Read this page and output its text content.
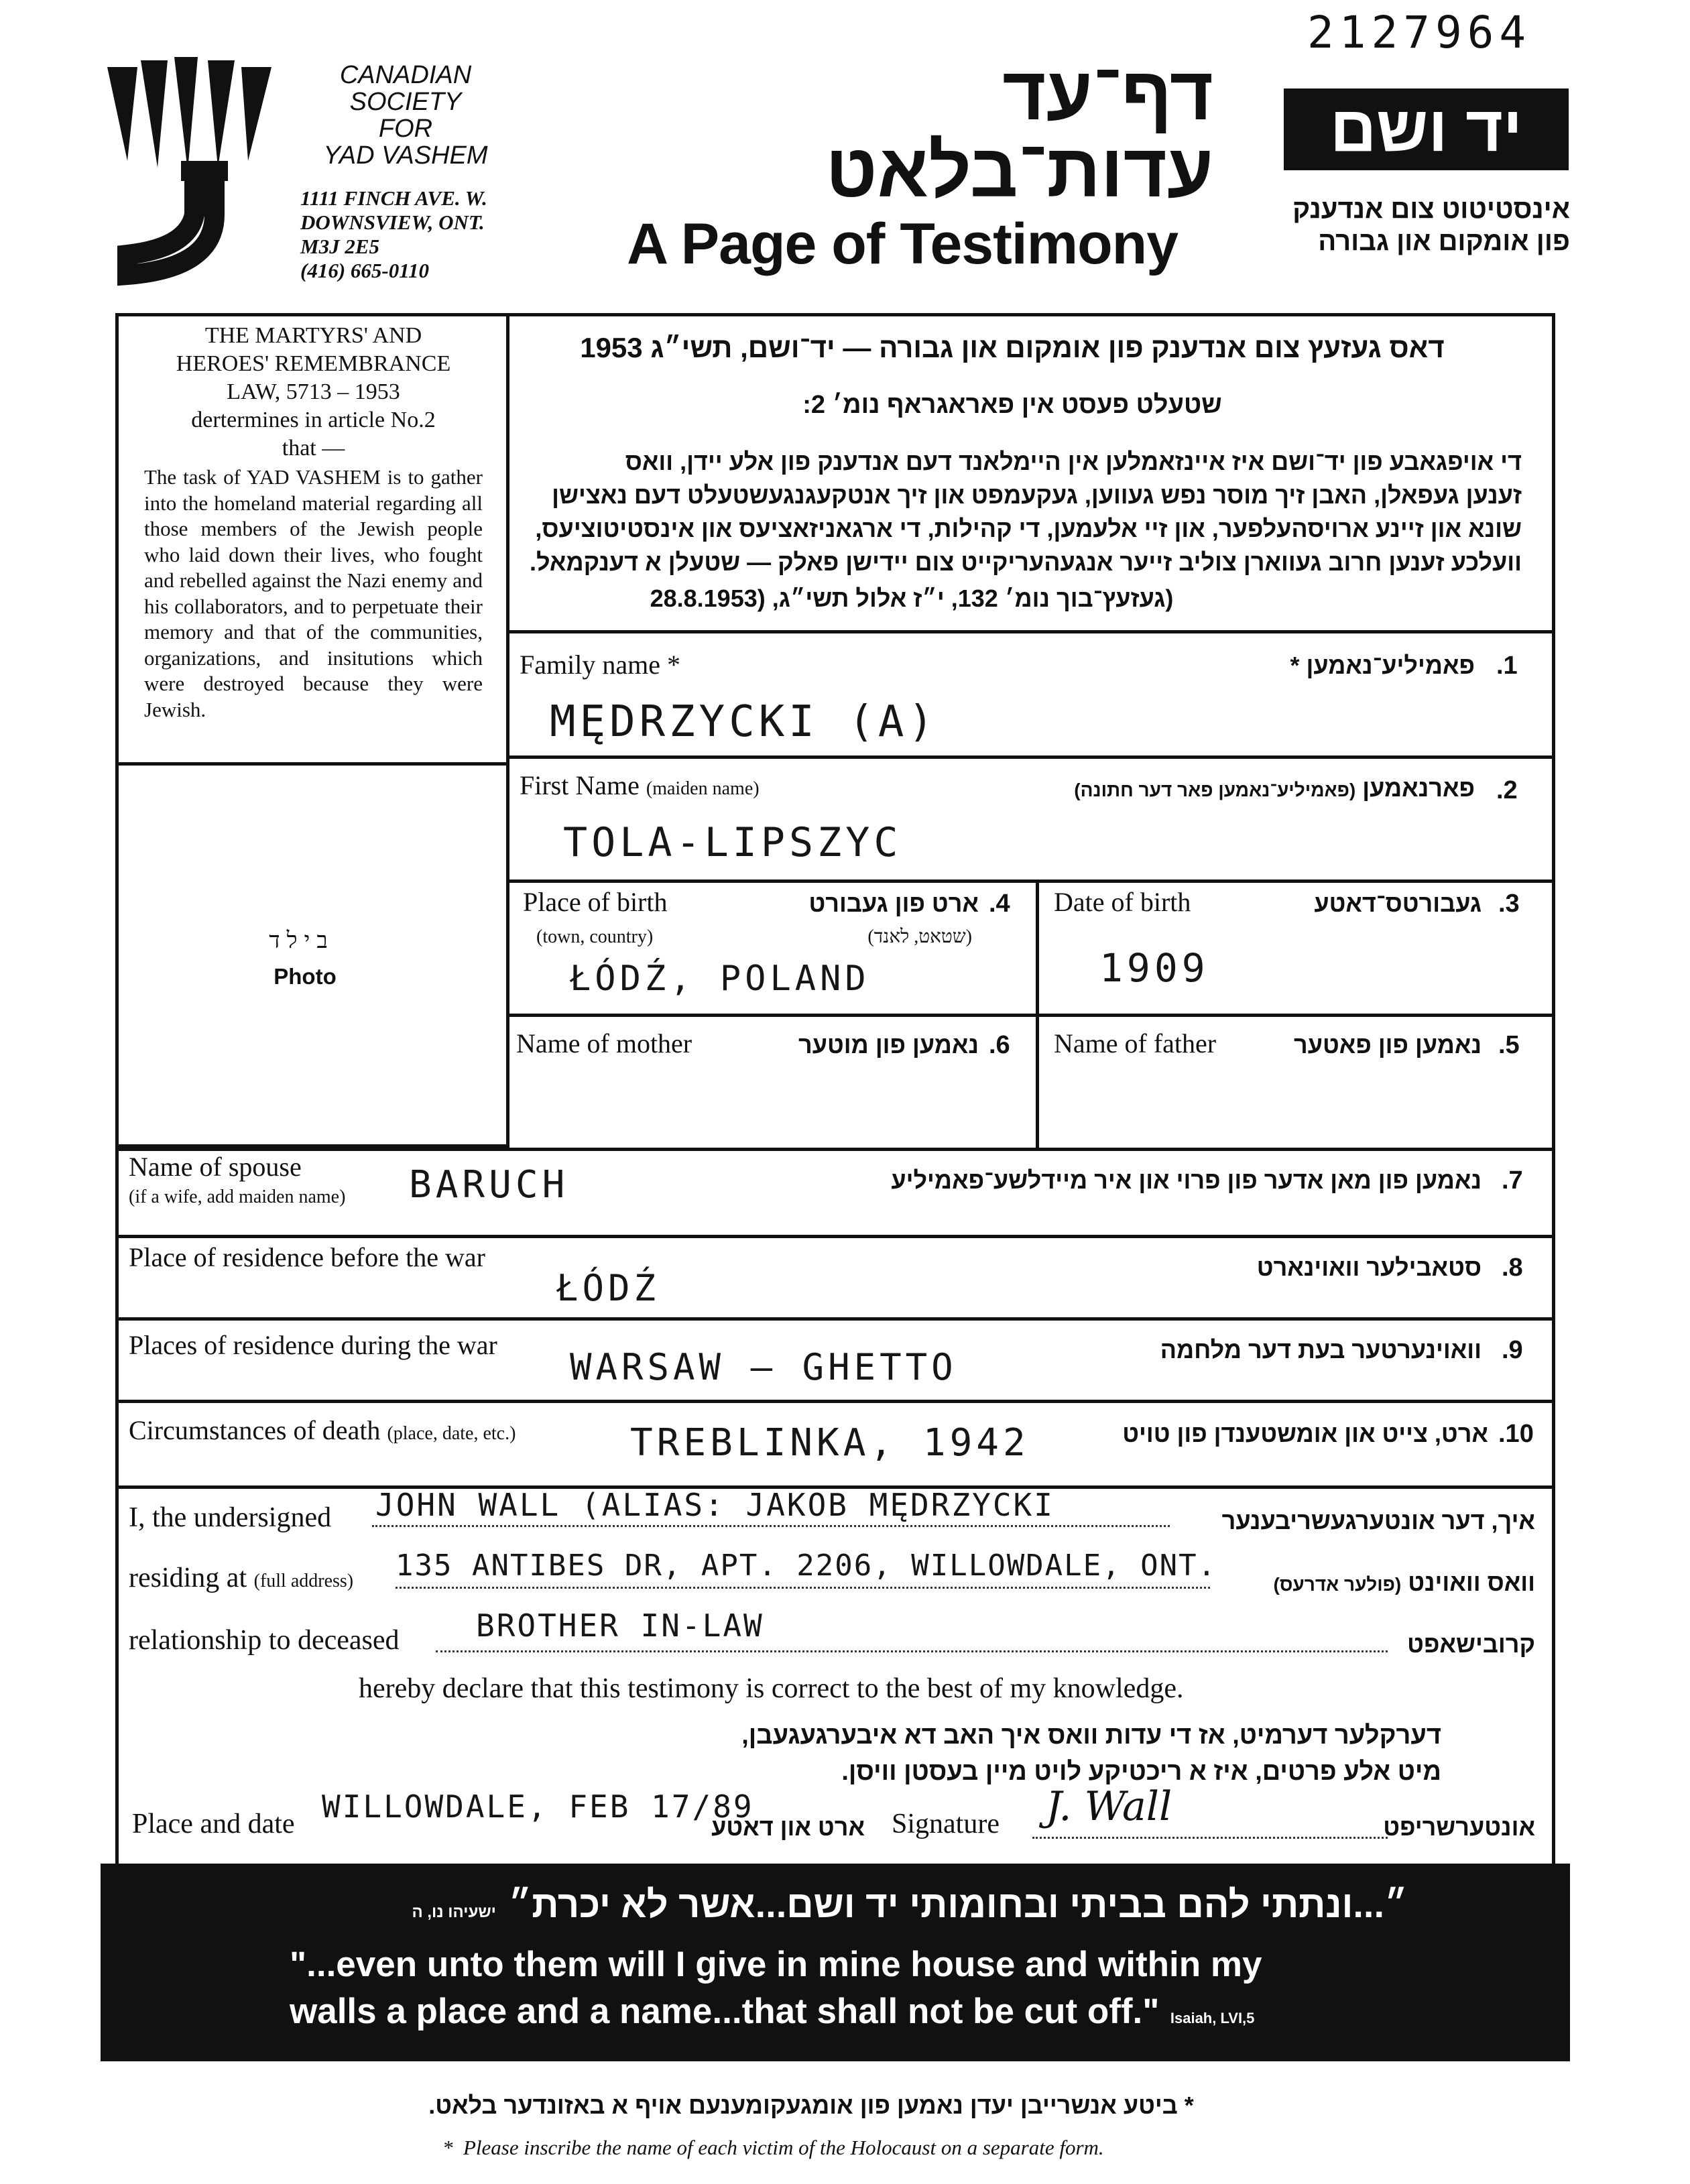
2127964
CANADIAN
SOCIETY
FOR
YAD VASHEM
1111 FINCH AVE. W.
DOWNSVIEW, ONT.
M3J 2E5
(416) 665-0110
דף־עד
עדות־בלאט
A Page of Testimony
יד ושם
אינסטיטוט צום אנדענק
פון אומקום און גבורה
THE MARTYRS' AND
HEROES' REMEMBRANCE
LAW, 5713 – 1953
dertermines in article No.2
that —
The task of YAD VASHEM is to gather into the homeland material regarding all those members of the Jewish people who laid down their lives, who fought and rebelled against the Nazi enemy and his collaborators, and to perpetuate their memory and that of the communities, organizations, and insitutions which were destroyed because they were Jewish.
בילד
Photo
דאס געזעץ צום אנדענק פון אומקום און גבורה — יד־ושם, תשי״ג 1953
שטעלט פעסט אין פאראגראף נומ׳ 2:
די אויפגאבע פון יד־ושם איז איינזאמלען אין היימלאנד דעם אנדענק פון אלע יידן, וואס
זענען געפאלן, האבן זיך מוסר נפש געווען, געקעמפט און זיך אנטקעגנגעשטעלט דעם נאצישן
שונא און זיינע ארויסהעלפער, און זיי אלעמען, די קהילות, די ארגאניזאציעס און אינסטיטוציעס,
וועלכע זענען חרוב געווארן צוליב זייער אנגעהעריקייט צום יידישן פאלק — שטעלן א דענקמאל.
(געזעץ־בוך נומ׳ 132, י״ז אלול תשי״ג, (28.8.1953
Family name *	פאמיליע־נאמען * .1
MĘDRZYCKI (A)
First Name (maiden name)	פארנאמען (פאמיליע־נאמען פאר דער חתונה)	.2
TOLA-LIPSZYC
Place of birth	ארט פון געבורט .4
(town, country)	(שטאט, לאנד)
ŁÓDŹ, POLAND
Date of birth	געבורטס־דאטע .3
1909
Name of mother	נאמען פון מוטער .6 Name of father	נאמען פון פאטער .5
Name of spouse
(if a wife, add maiden name)
נאמען פון מאן אדער פון פרוי און איר מיידלשע־פאמיליע .7
BARUCH
Place of residence before the war	סטאבילער וואוינארט .8
ŁÓDŹ
Places of residence during the war	וואוינערטער בעת דער מלחמה .9
WARSAW – GHETTO
Circumstances of death (place, date, etc.)	ארט, צייט און אומשטענדן פון טויט .10
TREBLINKA, 1942
I, the undersigned JOHN WALL (ALIAS: JAKOB MĘDRZYCKI	איך, דער אונטערגעשריבענער
residing at (full address) 135 ANTIBES DR, APT. 2206, WILLOWDALE, ONT.	וואס וואוינט (פולער אדרעס)
relationship to deceased BROTHER IN-LAW
קרובישאפט
hereby declare that this testimony is correct to the best of my knowledge.
דערקלער דערמיט, אז די עדות וואס איך האב דא איבערגעגעבן,
מיט אלע פרטים, איז א ריכטיקע לויט מיין בעסטן וויסן.
Place and date WILLOWDALE, FEB 17/89
ארט און דאטע Signature J. Wall	אונטערשריפט
״...ונתתי להם בביתי ובחומותי יד ושם...אשר לא יכרת״ ישעיהו נו, ה
"...even unto them will I give in mine house and within my
walls a place and a name...that shall not be cut off." Isaiah, LVI,5
* ביטע אנשרייבן יעדן נאמען פון אומגעקומענעם אויף א באזונדער בלאט.
*  Please inscribe the name of each victim of the Holocaust on a separate form.
